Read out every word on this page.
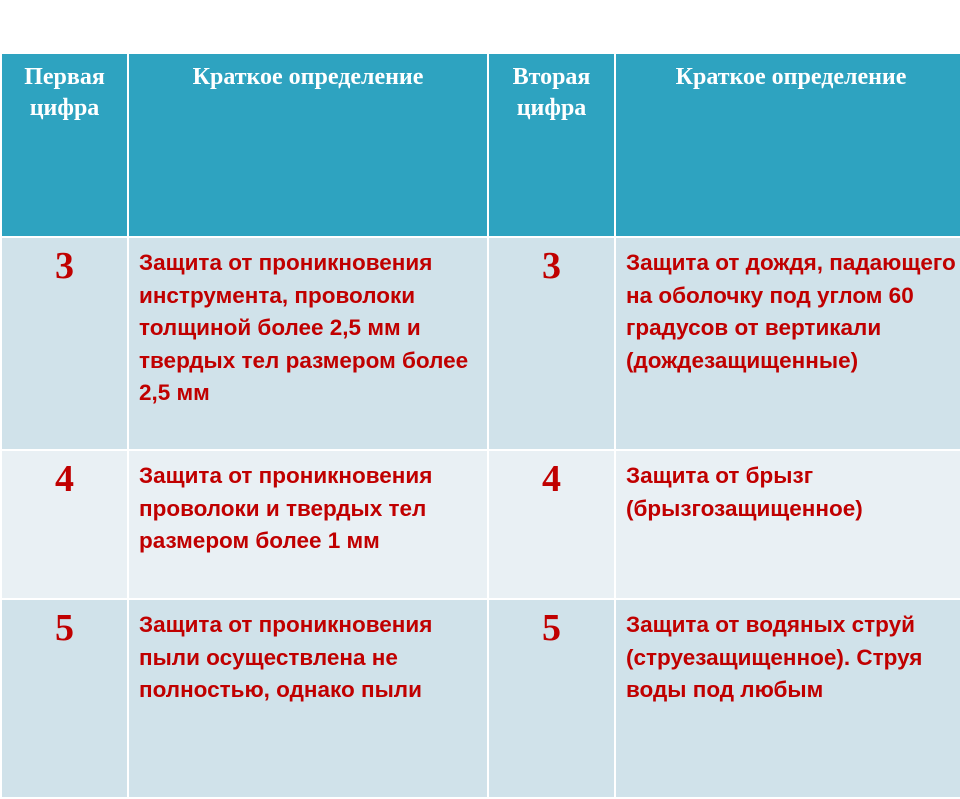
Первая цифра	Краткое определение	Вторая цифра	Краткое определение
3	Защита от проникновения инструмента, проволоки толщиной более 2,5 мм и твердых тел размером более 2,5 мм	3	Защита от дождя, падающего на оболочку под углом 60 градусов от вертикали (дождезащищенные)
4	Защита от проникновения проволоки и твердых тел размером более 1 мм	4	Защита от брызг (брызгозащищенное)
5	Защита от проникновения пыли осуществлена не полностью, однако пыли	5	Защита от водяных струй (струезащищенное). Струя воды под любым
